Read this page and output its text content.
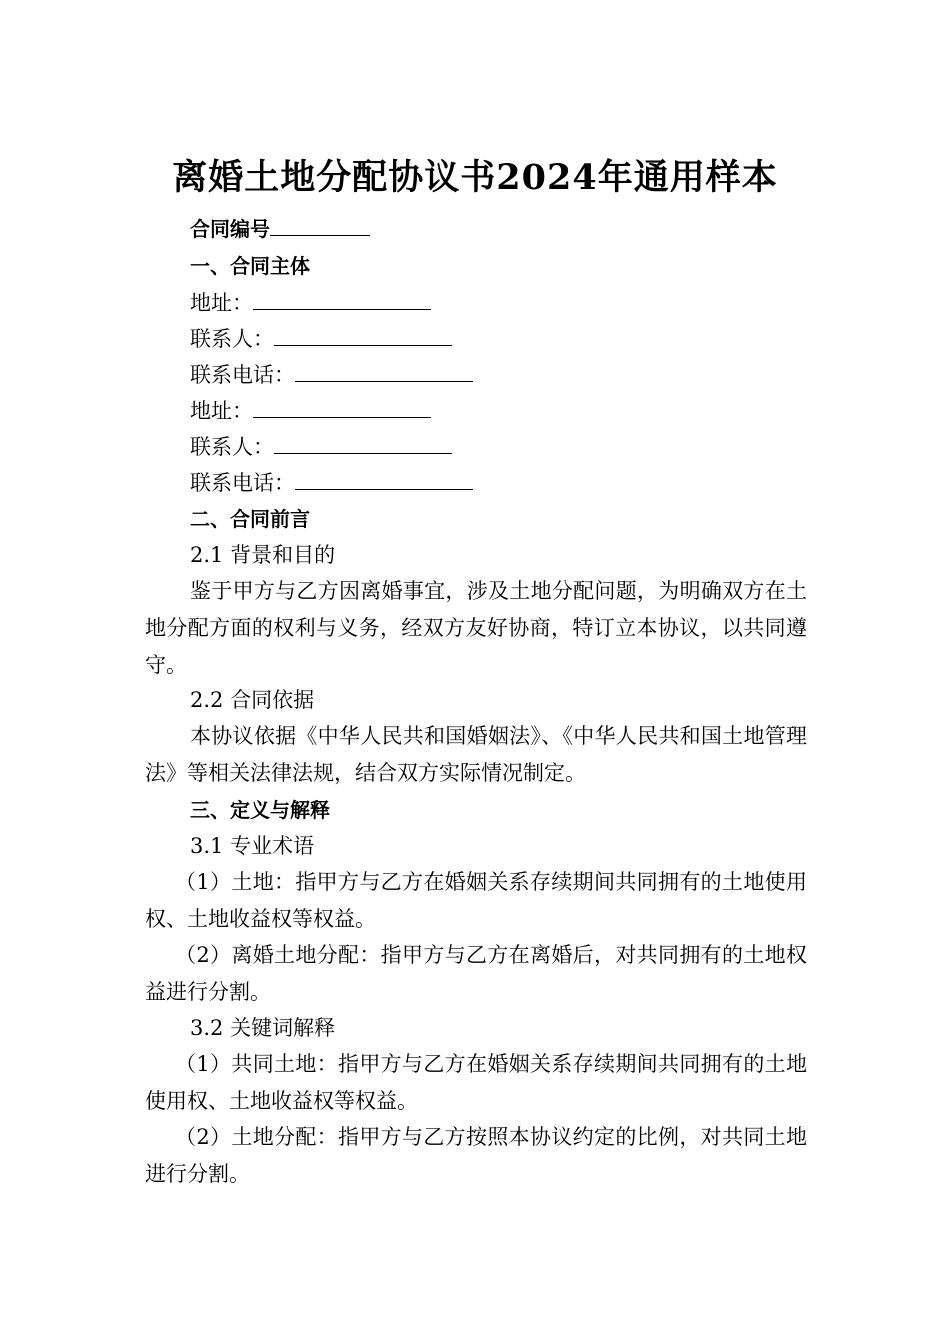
离婚土地分配协议书2024年通用样本
合同编号
一、合同主体
地址：
联系人：
联系电话：
地址：
联系人：
联系电话：
二、合同前言
2.1 背景和目的
鉴于甲方与乙方因离婚事宜，涉及土地分配问题，为明确双方在土地分配方面的权利与义务，经双方友好协商，特订立本协议，以共同遵守。
2.2 合同依据
本协议依据《中华人民共和国婚姻法》、《中华人民共和国土地管理法》等相关法律法规，结合双方实际情况制定。
三、定义与解释
3.1 专业术语
（1）土地：指甲方与乙方在婚姻关系存续期间共同拥有的土地使用权、土地收益权等权益。
（2）离婚土地分配：指甲方与乙方在离婚后，对共同拥有的土地权益进行分割。
3.2 关键词解释
（1）共同土地：指甲方与乙方在婚姻关系存续期间共同拥有的土地使用权、土地收益权等权益。
（2）土地分配：指甲方与乙方按照本协议约定的比例，对共同土地进行分割。
